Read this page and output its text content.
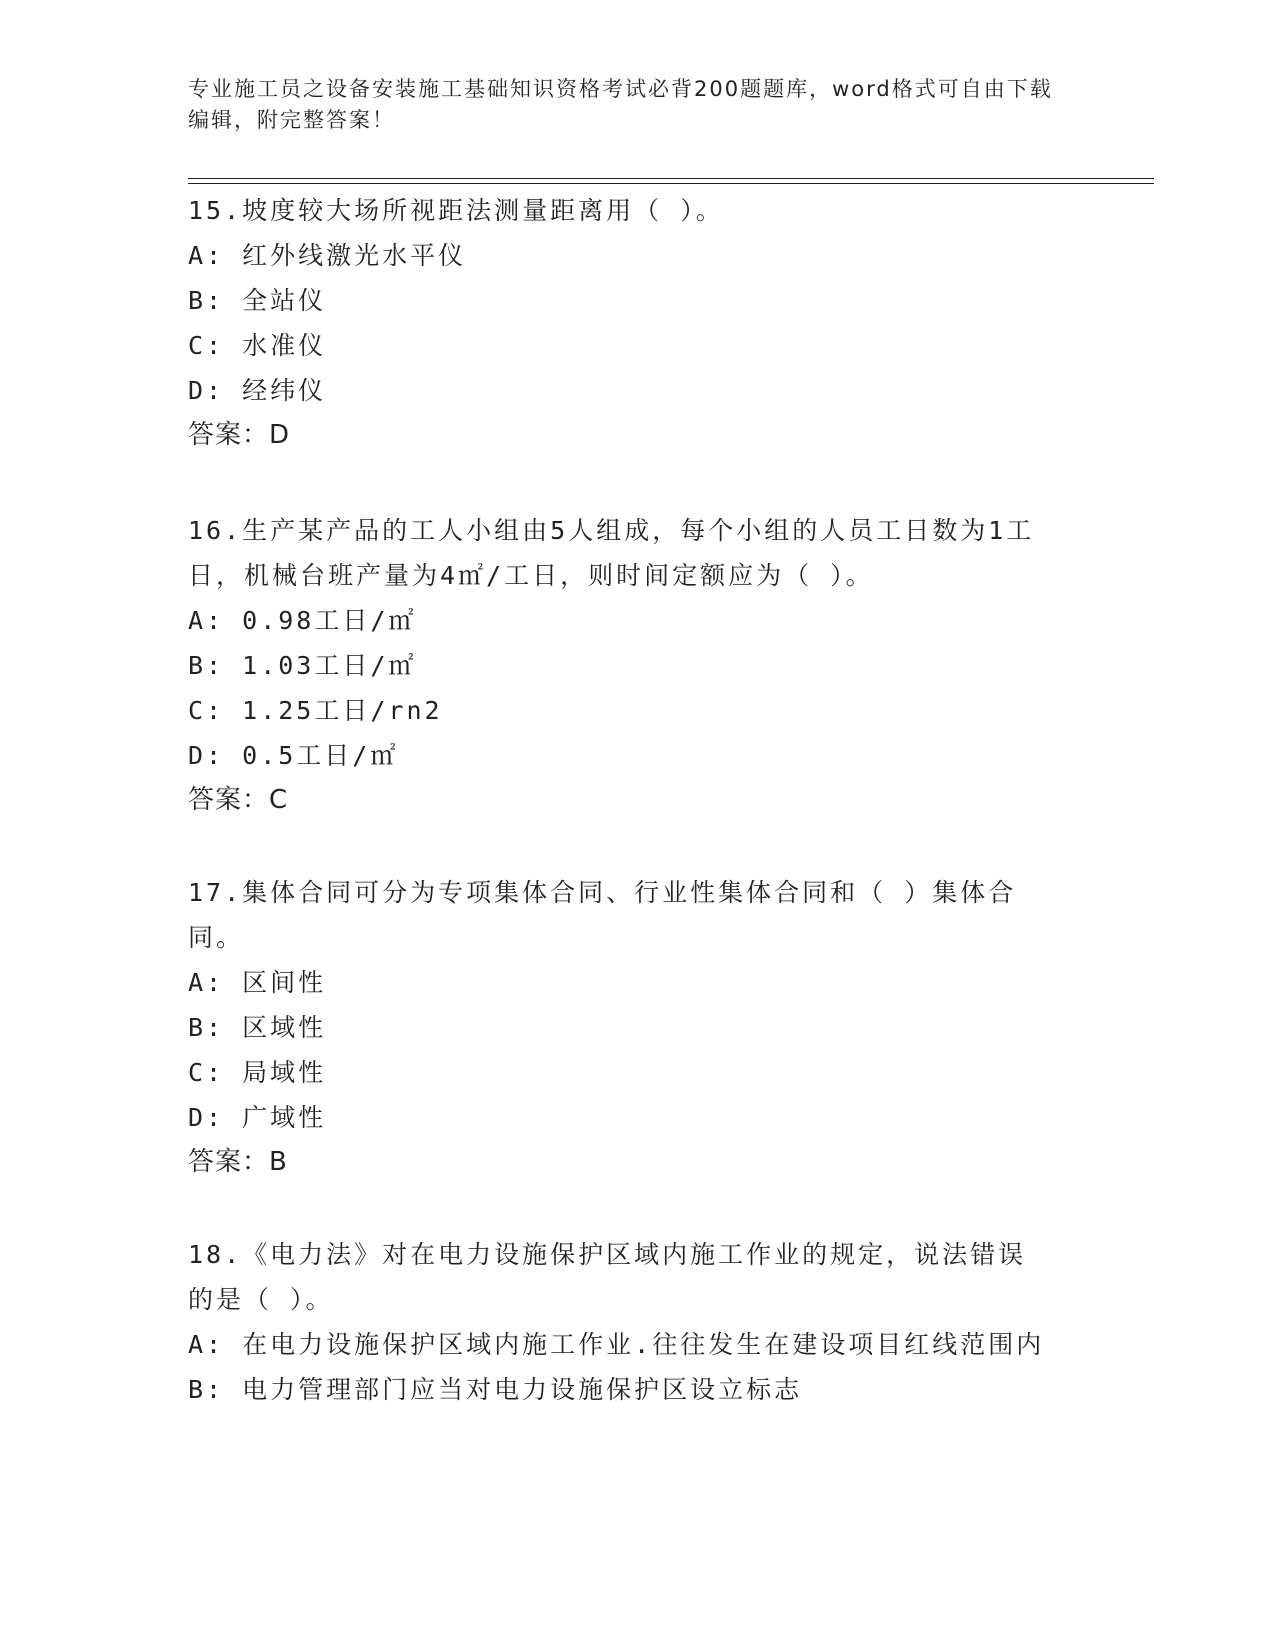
专业施工员之设备安装施工基础知识资格考试必背200题题库，word格式可自由下载编辑，附完整答案！

15.坡度较大场所视距法测量距离用（ ）。

A: 红外线激光水平仪

B: 全站仪

C: 水准仪

D: 经纬仪

答案：D

16.生产某产品的工人小组由5人组成，每个小组的人员工日数为1工日，机械台班产量为4㎡/工日，则时间定额应为（ ）。

A: 0.98工日/㎡

B: 1.03工日/㎡

C: 1.25工日/rn2

D: 0.5工日/㎡

答案：C

17.集体合同可分为专项集体合同、行业性集体合同和（ ）集体合同。

A: 区间性

B: 区域性

C: 局域性

D: 广域性

答案：B

18.《电力法》对在电力设施保护区域内施工作业的规定，说法错误的是（ ）。

A: 在电力设施保护区域内施工作业.往往发生在建设项目红线范围内

B: 电力管理部门应当对电力设施保护区设立标志
